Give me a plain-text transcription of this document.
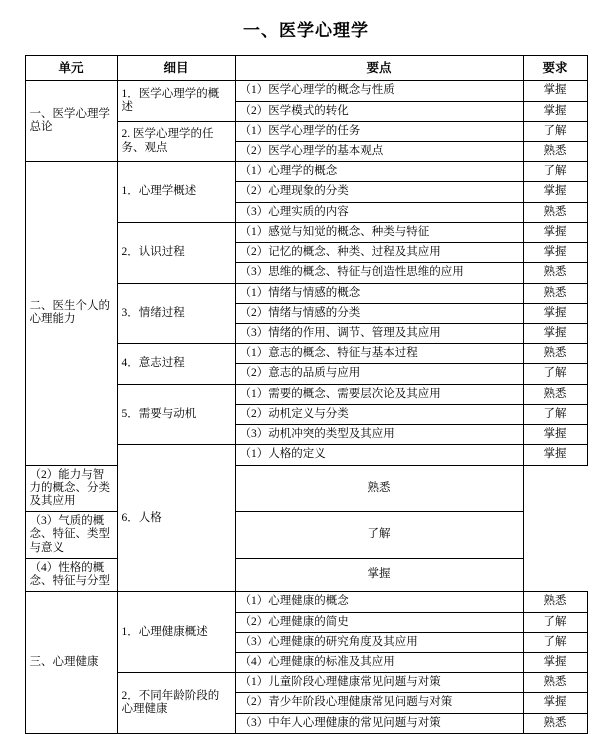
一、医学心理学
单元	细目	要点	要求
一、医学心理学总论	1．医学心理学的概述	（1）医学心理学的概念与性质	掌握
		（2）医学模式的转化	掌握
	2. 医学心理学的任务、观点	（1）医学心理学的任务	了解
		（2）医学心理学的基本观点	熟悉
二、医生个人的心理能力	1．心理学概述	（1）心理学的概念	了解
		（2）心理现象的分类	掌握
		（3）心理实质的内容	熟悉
	2．认识过程	（1）感觉与知觉的概念、种类与特征	掌握
		（2）记忆的概念、种类、过程及其应用	掌握
		（3）思维的概念、特征与创造性思维的应用	熟悉
	3．情绪过程	（1）情绪与情感的概念	熟悉
		（2）情绪与情感的分类	掌握
		（3）情绪的作用、调节、管理及其应用	掌握
	4．意志过程	（1）意志的概念、特征与基本过程	熟悉
		（2）意志的品质与应用	了解
	5．需要与动机	（1）需要的概念、需要层次论及其应用	熟悉
		（2）动机定义与分类	了解
		（3）动机冲突的类型及其应用	掌握
	6．人格	（1）人格的定义	掌握
（2）能力与智力的概念、分类及其应用		熟悉	
（3）气质的概念、特征、类型与意义		了解	
（4）性格的概念、特征与分型		掌握	
三、心理健康	1．心理健康概述	（1）心理健康的概念	熟悉
		（2）心理健康的简史	了解
		（3）心理健康的研究角度及其应用	了解
		（4）心理健康的标准及其应用	掌握
	2．不同年龄阶段的心理健康	（1）儿童阶段心理健康常见问题与对策	熟悉
		（2）青少年阶段心理健康常见问题与对策	掌握
		（3）中年人心理健康的常见问题与对策	熟悉
